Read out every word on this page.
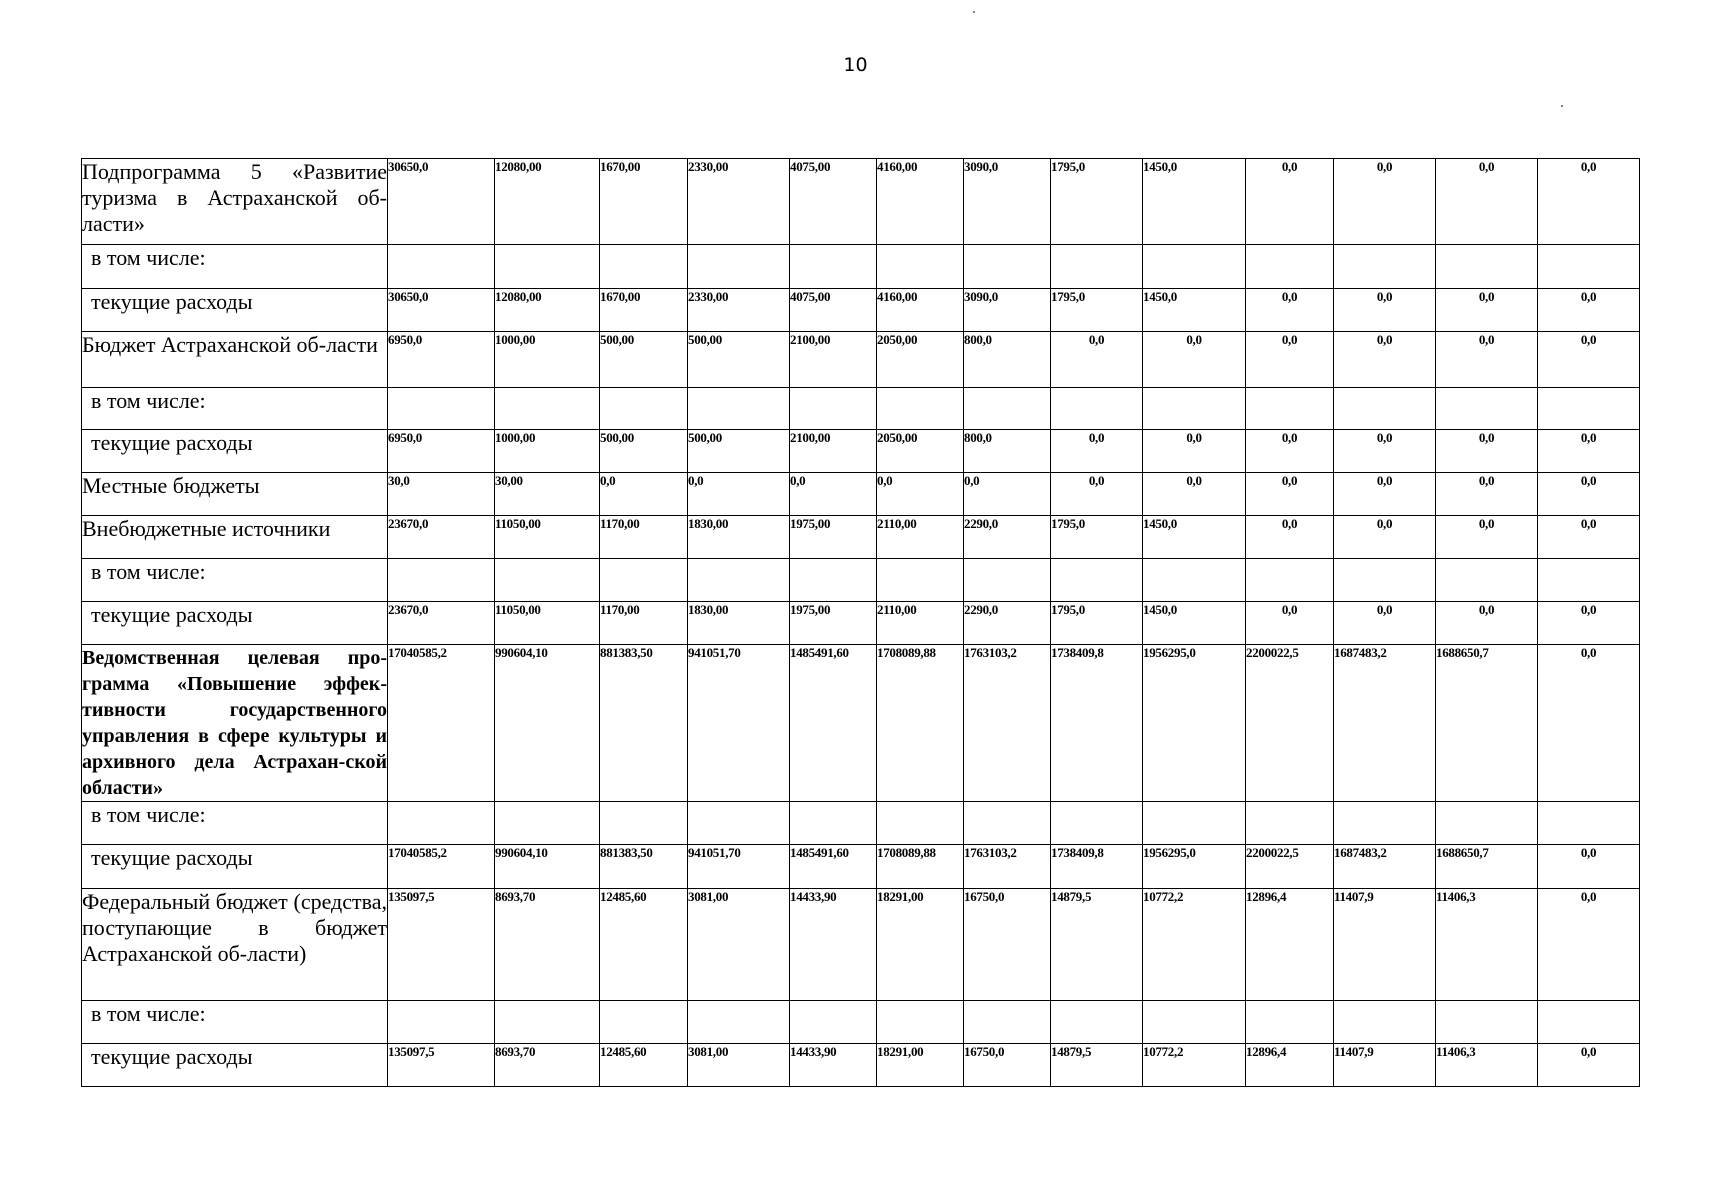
10
Подпрограмма 5 «Развитие туризма в Астраханской об-ласти»	30650,0	12080,00	1670,00	2330,00	4075,00	4160,00	3090,0	1795,0	1450,0	0,0	0,0	0,0	0,0
в том числе:													
текущие расходы	30650,0	12080,00	1670,00	2330,00	4075,00	4160,00	3090,0	1795,0	1450,0	0,0	0,0	0,0	0,0
Бюджет Астраханской об-ласти	6950,0	1000,00	500,00	500,00	2100,00	2050,00	800,0	0,0	0,0	0,0	0,0	0,0	0,0
в том числе:													
текущие расходы	6950,0	1000,00	500,00	500,00	2100,00	2050,00	800,0	0,0	0,0	0,0	0,0	0,0	0,0
Местные бюджеты	30,0	30,00	0,0	0,0	0,0	0,0	0,0	0,0	0,0	0,0	0,0	0,0	0,0
Внебюджетные источники	23670,0	11050,00	1170,00	1830,00	1975,00	2110,00	2290,0	1795,0	1450,0	0,0	0,0	0,0	0,0
в том числе:													
текущие расходы	23670,0	11050,00	1170,00	1830,00	1975,00	2110,00	2290,0	1795,0	1450,0	0,0	0,0	0,0	0,0
Ведомственная целевая про-грамма «Повышение эффек-тивности государственного управления в сфере культуры и архивного дела Астрахан-ской области»	17040585,2	990604,10	881383,50	941051,70	1485491,60	1708089,88	1763103,2	1738409,8	1956295,0	2200022,5	1687483,2	1688650,7	0,0
в том числе:													
текущие расходы	17040585,2	990604,10	881383,50	941051,70	1485491,60	1708089,88	1763103,2	1738409,8	1956295,0	2200022,5	1687483,2	1688650,7	0,0
Федеральный бюджет (средства, поступающие в бюджет Астраханской об-ласти)	135097,5	8693,70	12485,60	3081,00	14433,90	18291,00	16750,0	14879,5	10772,2	12896,4	11407,9	11406,3	0,0
в том числе:													
текущие расходы	135097,5	8693,70	12485,60	3081,00	14433,90	18291,00	16750,0	14879,5	10772,2	12896,4	11407,9	11406,3	0,0
